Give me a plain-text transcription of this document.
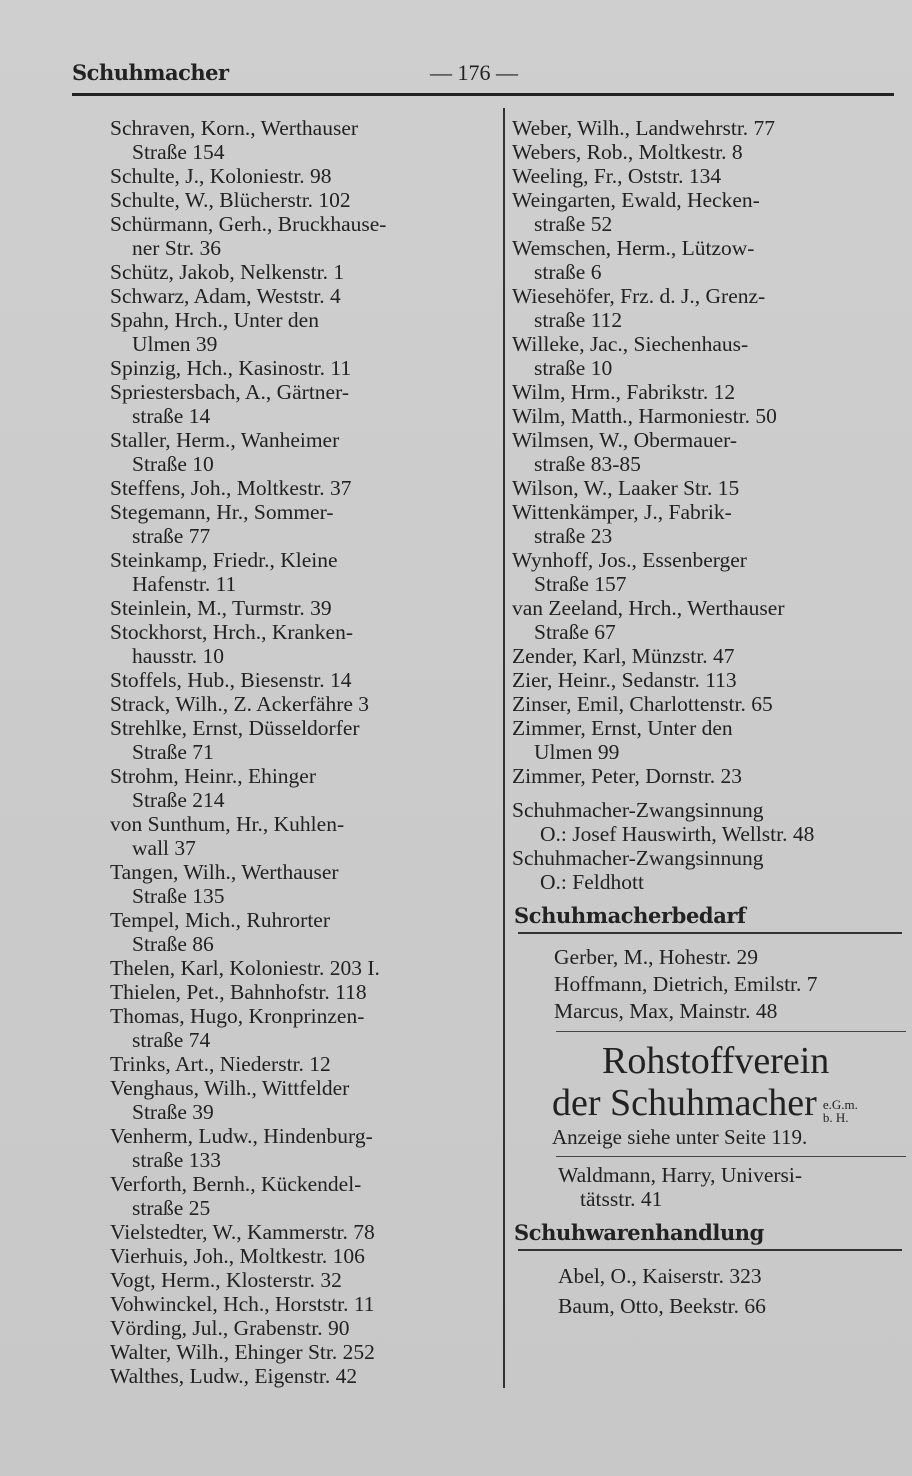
Schuhmacher	— 176 —
Schraven, Korn., Werthauser
Straße 154
Schulte, J., Koloniestr. 98
Schulte, W., Blücherstr. 102
Schürmann, Gerh., Bruckhause-
ner Str. 36
Schütz, Jakob, Nelkenstr. 1
Schwarz, Adam, Weststr. 4
Spahn, Hrch., Unter den
Ulmen 39
Spinzig, Hch., Kasinostr. 11
Spriestersbach, A., Gärtner-
straße 14
Staller, Herm., Wanheimer
Straße 10
Steffens, Joh., Moltkestr. 37
Stegemann, Hr., Sommer-
straße 77
Steinkamp, Friedr., Kleine
Hafenstr. 11
Steinlein, M., Turmstr. 39
Stockhorst, Hrch., Kranken-
hausstr. 10
Stoffels, Hub., Biesenstr. 14
Strack, Wilh., Z. Ackerfähre 3
Strehlke, Ernst, Düsseldorfer
Straße 71
Strohm, Heinr., Ehinger
Straße 214
von Sunthum, Hr., Kuhlen-
wall 37
Tangen, Wilh., Werthauser
Straße 135
Tempel, Mich., Ruhrorter
Straße 86
Thelen, Karl, Koloniestr. 203 I.
Thielen, Pet., Bahnhofstr. 118
Thomas, Hugo, Kronprinzen-
straße 74
Trinks, Art., Niederstr. 12
Venghaus, Wilh., Wittfelder
Straße 39
Venherm, Ludw., Hindenburg-
straße 133
Verforth, Bernh., Kückendel-
straße 25
Vielstedter, W., Kammerstr. 78
Vierhuis, Joh., Moltkestr. 106
Vogt, Herm., Klosterstr. 32
Vohwinckel, Hch., Horststr. 11
Vörding, Jul., Grabenstr. 90
Walter, Wilh., Ehinger Str. 252
Walthes, Ludw., Eigenstr. 42
Weber, Wilh., Landwehrstr. 77
Webers, Rob., Moltkestr. 8
Weeling, Fr., Oststr. 134
Weingarten, Ewald, Hecken-
straße 52
Wemschen, Herm., Lützow-
straße 6
Wiesehöfer, Frz. d. J., Grenz-
straße 112
Willeke, Jac., Siechenhaus-
straße 10
Wilm, Hrm., Fabrikstr. 12
Wilm, Matth., Harmoniestr. 50
Wilmsen, W., Obermauer-
straße 83-85
Wilson, W., Laaker Str. 15
Wittenkämper, J., Fabrik-
straße 23
Wynhoff, Jos., Essenberger
Straße 157
van Zeeland, Hrch., Werthauser
Straße 67
Zender, Karl, Münzstr. 47
Zier, Heinr., Sedanstr. 113
Zinser, Emil, Charlottenstr. 65
Zimmer, Ernst, Unter den
Ulmen 99
Zimmer, Peter, Dornstr. 23
Schuhmacher-Zwangsinnung
O.: Josef Hauswirth, Wellstr. 48
Schuhmacher-Zwangsinnung
O.: Feldhott
Schuhmacherbedarf
Gerber, M., Hohestr. 29
Hoffmann, Dietrich, Emilstr. 7
Marcus, Max, Mainstr. 48
Rohstoffverein
der Schuhmacher e.G.m.
b. H.
Anzeige siehe unter Seite 119.
Waldmann, Harry, Universi-
tätsstr. 41
Schuhwarenhandlung
Abel, O., Kaiserstr. 323
Baum, Otto, Beekstr. 66
